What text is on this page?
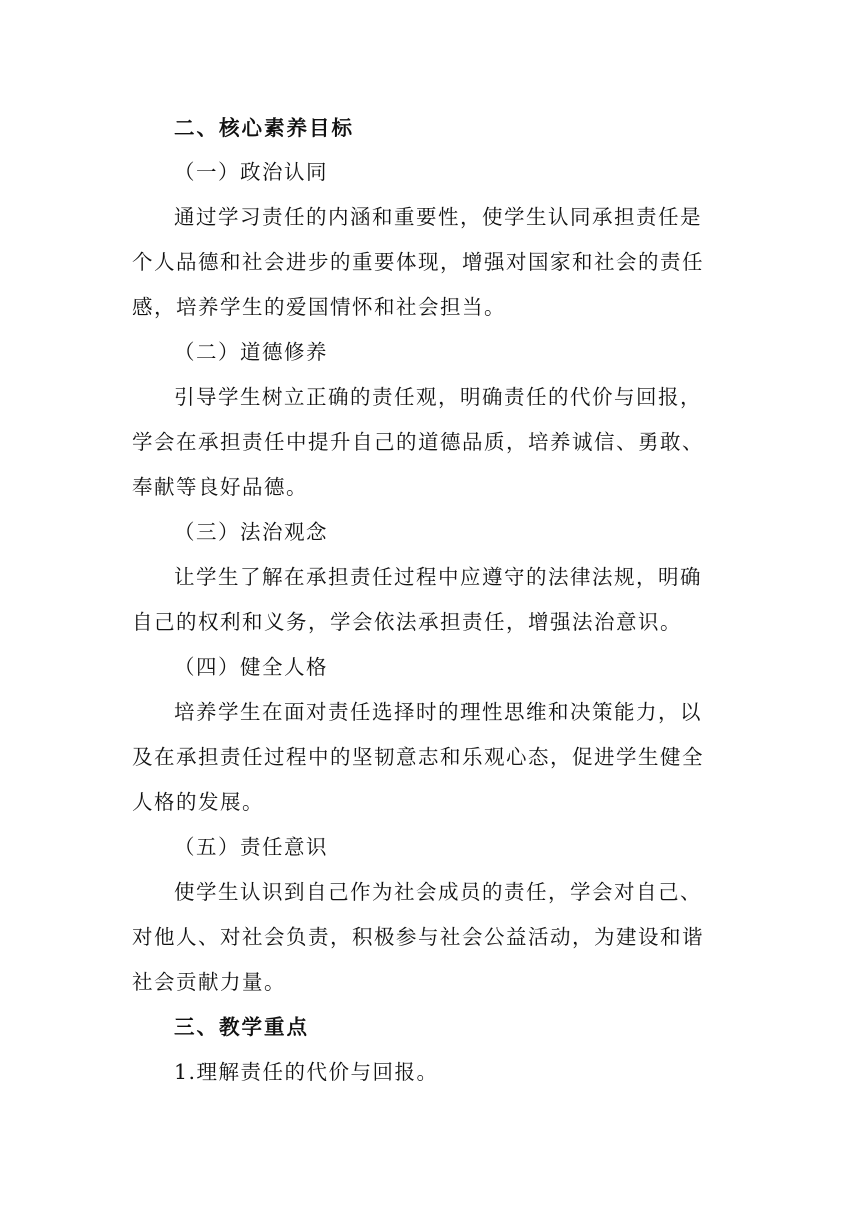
二、核心素养目标
（一）政治认同
通过学习责任的内涵和重要性，使学生认同承担责任是
个人品德和社会进步的重要体现，增强对国家和社会的责任
感，培养学生的爱国情怀和社会担当。
（二）道德修养
引导学生树立正确的责任观，明确责任的代价与回报，
学会在承担责任中提升自己的道德品质，培养诚信、勇敢、
奉献等良好品德。
（三）法治观念
让学生了解在承担责任过程中应遵守的法律法规，明确
自己的权利和义务，学会依法承担责任，增强法治意识。
（四）健全人格
培养学生在面对责任选择时的理性思维和决策能力，以
及在承担责任过程中的坚韧意志和乐观心态，促进学生健全
人格的发展。
（五）责任意识
使学生认识到自己作为社会成员的责任，学会对自己、
对他人、对社会负责，积极参与社会公益活动，为建设和谐
社会贡献力量。
三、教学重点
1.理解责任的代价与回报。
